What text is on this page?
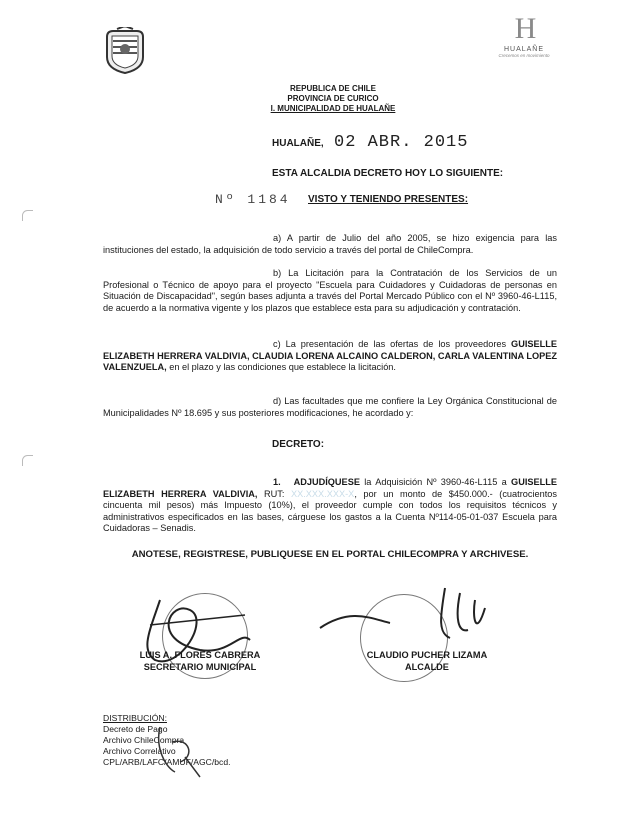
H
HUALAÑE
Crecemos en movimiento
REPUBLICA DE CHILE
PROVINCIA DE CURICO
I. MUNICIPALIDAD DE HUALAÑE
HUALAÑE, 02 ABR. 2015
ESTA ALCALDIA DECRETO HOY LO SIGUIENTE:
Nº 1184 VISTO Y TENIENDO PRESENTES:

a) A partir de Julio del año 2005, se hizo exigencia para las instituciones del estado, la adquisición de todo servicio a través del portal de ChileCompra.

b) La Licitación para la Contratación de los Servicios de un Profesional o Técnico de apoyo para el proyecto "Escuela para Cuidadores y Cuidadoras de personas en Situación de Discapacidad", según bases adjunta a través del Portal Mercado Público con el Nº 3960-46-L115, de acuerdo a la normativa vigente y los plazos que establece esta para su adjudicación y contratación.

c) La presentación de las ofertas de los proveedores GUISELLE ELIZABETH HERRERA VALDIVIA, CLAUDIA LORENA ALCAINO CALDERON, CARLA VALENTINA LOPEZ VALENZUELA, en el plazo y las condiciones que establece la licitación.

d) Las facultades que me confiere la Ley Orgánica Constitucional de Municipalidades Nº 18.695 y sus posteriores modificaciones, he acordado y:

DECRETO:

1. ADJUDÍQUESE la Adquisición Nº 3960-46-L115 a GUISELLE ELIZABETH HERRERA VALDIVIA, RUT: XX.XXX.XXX-X, por un monto de $450.000.- (cuatrocientos cincuenta mil pesos) más Impuesto (10%), el proveedor cumple con todos los requisitos técnicos y administrativos especificados en las bases, cárguese los gastos a la Cuenta Nº114-05-01-037 Escuela para Cuidadoras – Senadis.

ANOTESE, REGISTRESE, PUBLIQUESE EN EL PORTAL CHILECOMPRA Y ARCHIVESE.
LUIS A. FLORES CABRERA
SECRETARIO MUNICIPAL
CLAUDIO PUCHER LIZAMA
ALCALDE
DISTRIBUCIÓN:
Decreto de Pago
Archivo ChileCompra
Archivo Correlativo
CPL/ARB/LAFC/AMUF/AGC/bcd.
